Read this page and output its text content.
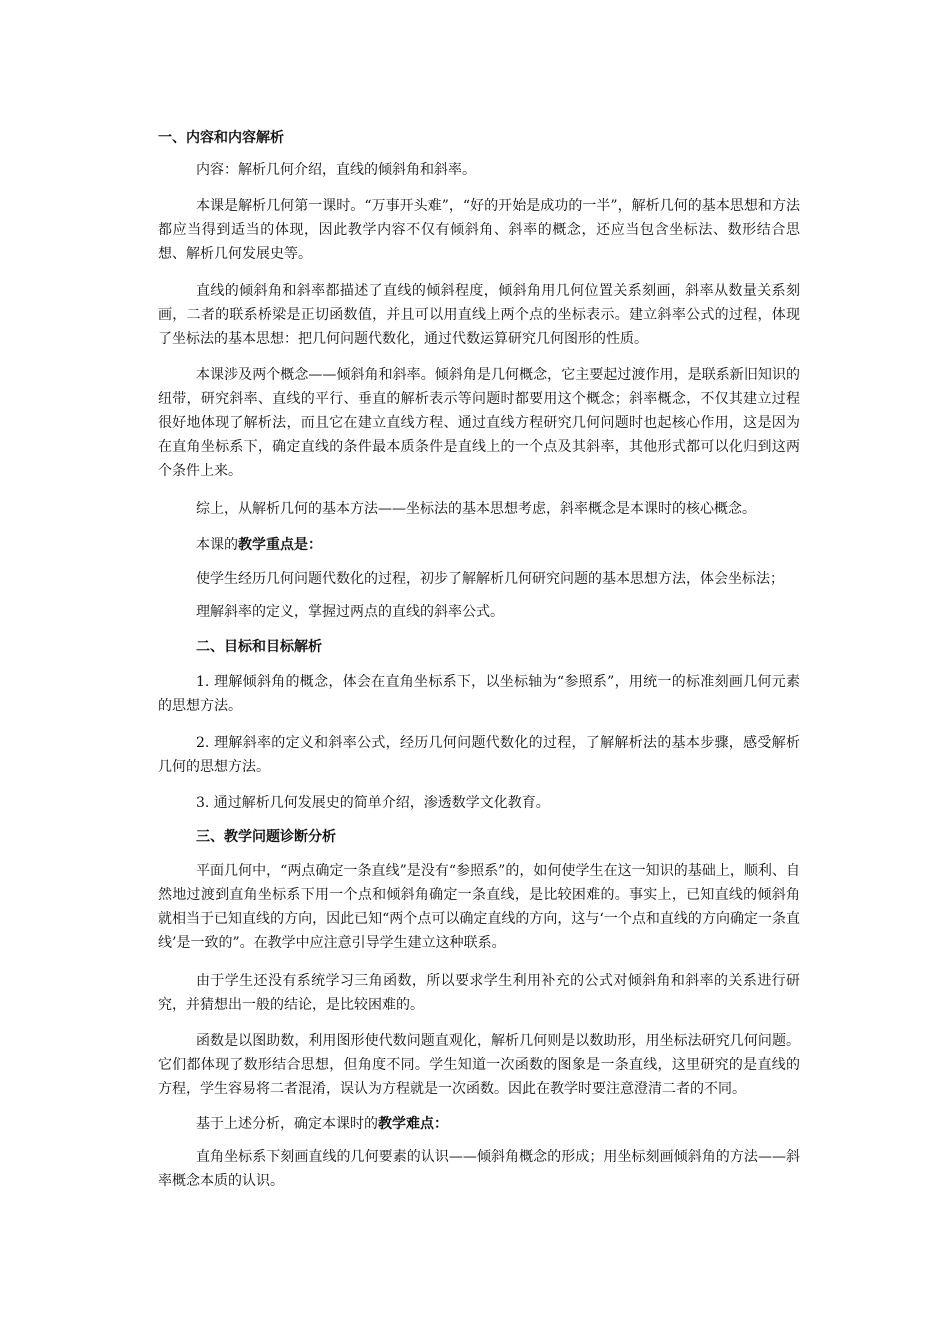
一、内容和内容解析

内容：解析几何介绍，直线的倾斜角和斜率。

本课是解析几何第一课时。“万事开头难”，“好的开始是成功的一半”，解析几何的基本思想和方法都应当得到适当的体现，因此教学内容不仅有倾斜角、斜率的概念，还应当包含坐标法、数形结合思想、解析几何发展史等。

直线的倾斜角和斜率都描述了直线的倾斜程度，倾斜角用几何位置关系刻画，斜率从数量关系刻画，二者的联系桥梁是正切函数值，并且可以用直线上两个点的坐标表示。建立斜率公式的过程，体现了坐标法的基本思想：把几何问题代数化，通过代数运算研究几何图形的性质。

本课涉及两个概念——倾斜角和斜率。倾斜角是几何概念，它主要起过渡作用，是联系新旧知识的纽带，研究斜率、直线的平行、垂直的解析表示等问题时都要用这个概念；斜率概念，不仅其建立过程很好地体现了解析法，而且它在建立直线方程、通过直线方程研究几何问题时也起核心作用，这是因为在直角坐标系下，确定直线的条件最本质条件是直线上的一个点及其斜率，其他形式都可以化归到这两个条件上来。

综上，从解析几何的基本方法——坐标法的基本思想考虑，斜率概念是本课时的核心概念。

本课的教学重点是：

使学生经历几何问题代数化的过程，初步了解解析几何研究问题的基本思想方法，体会坐标法；

理解斜率的定义，掌握过两点的直线的斜率公式。

二、目标和目标解析

1. 理解倾斜角的概念，体会在直角坐标系下，以坐标轴为“参照系”，用统一的标准刻画几何元素的思想方法。

2. 理解斜率的定义和斜率公式，经历几何问题代数化的过程，了解解析法的基本步骤，感受解析几何的思想方法。

3. 通过解析几何发展史的简单介绍，渗透数学文化教育。

三、教学问题诊断分析

平面几何中，“两点确定一条直线”是没有“参照系”的，如何使学生在这一知识的基础上，顺利、自然地过渡到直角坐标系下用一个点和倾斜角确定一条直线，是比较困难的。事实上，已知直线的倾斜角就相当于已知直线的方向，因此已知“两个点可以确定直线的方向，这与‘一个点和直线的方向确定一条直线’是一致的”。在教学中应注意引导学生建立这种联系。

由于学生还没有系统学习三角函数，所以要求学生利用补充的公式对倾斜角和斜率的关系进行研究，并猜想出一般的结论，是比较困难的。

函数是以图助数，利用图形使代数问题直观化，解析几何则是以数助形，用坐标法研究几何问题。它们都体现了数形结合思想，但角度不同。学生知道一次函数的图象是一条直线，这里研究的是直线的方程，学生容易将二者混淆，误认为方程就是一次函数。因此在教学时要注意澄清二者的不同。

基于上述分析，确定本课时的教学难点：

直角坐标系下刻画直线的几何要素的认识——倾斜角概念的形成；用坐标刻画倾斜角的方法——斜率概念本质的认识。
